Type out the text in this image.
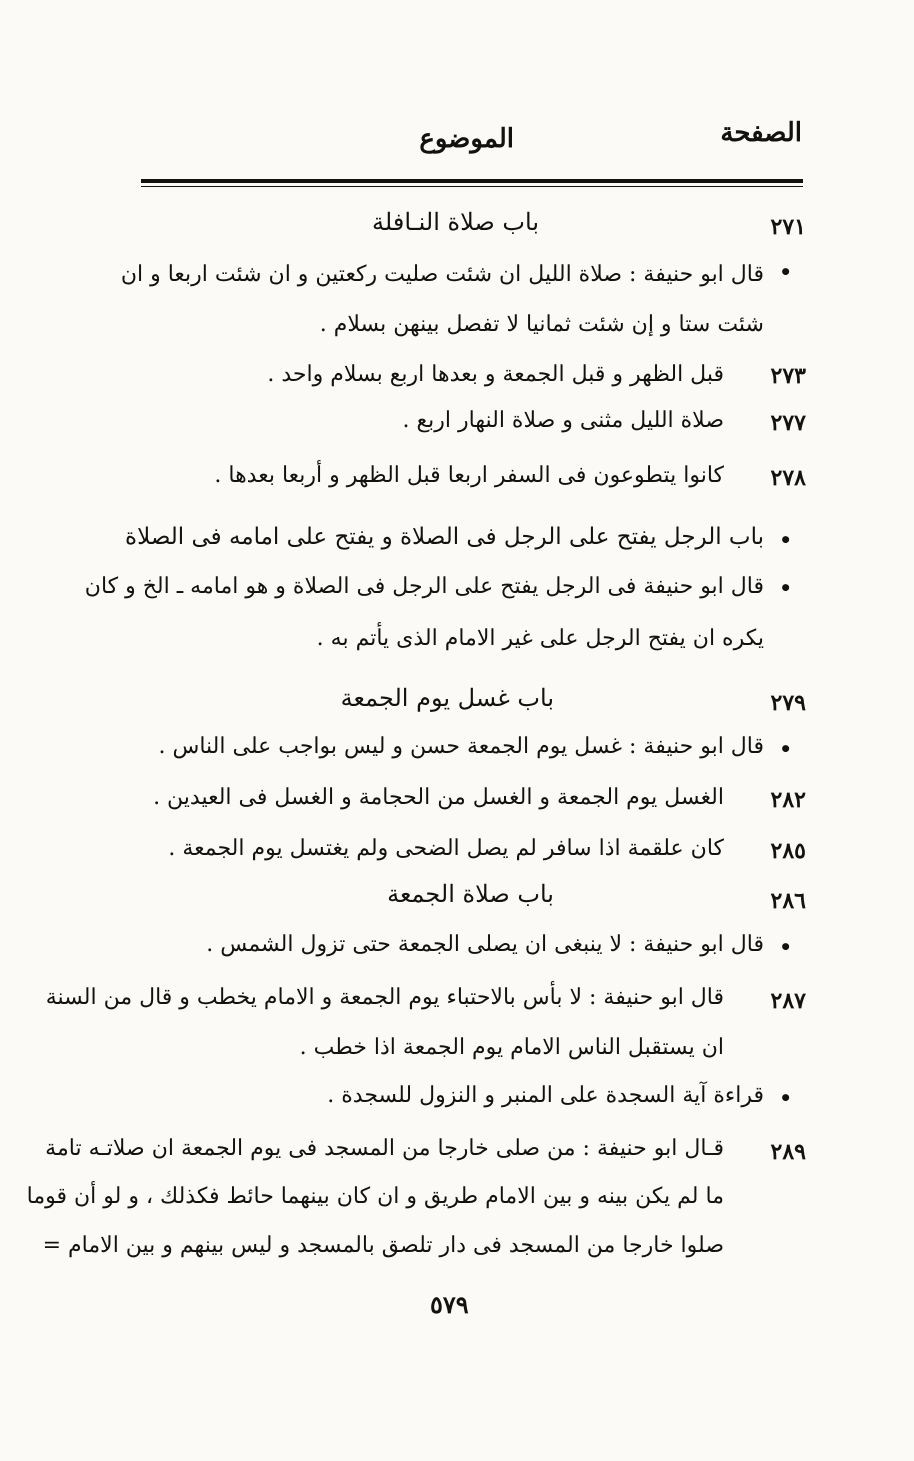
الصفحة
الموضوع
٢٧١
باب صلاة النـافلة
•
قال ابو حنيفة : صلاة الليل ان شئت صليت ركعتين و ان شئت اربعا و ان
شئت ستا و إن شئت ثمانيا لا تفصل بينهن بسلام .
٢٧٣
قبل الظهر و قبل الجمعة و بعدها اربع بسلام واحد .
٢٧٧
صلاة الليل مثنى و صلاة النهار اربع .
٢٧٨
كانوا يتطوعون فى السفر اربعا قبل الظهر و أربعا بعدها .
•
باب الرجل يفتح على الرجل فى الصلاة و يفتح على امامه فى الصلاة
•
قال ابو حنيفة فى الرجل يفتح على الرجل فى الصلاة و هو امامه ـ الخ و كان
يكره ان يفتح الرجل على غير الامام الذى يأتم به .
٢٧٩
باب غسل يوم الجمعة
•
قال ابو حنيفة : غسل يوم الجمعة حسن و ليس بواجب على الناس .
٢٨٢
الغسل يوم الجمعة و الغسل من الحجامة و الغسل فى العيدين .
٢٨٥
كان علقمة اذا سافر لم يصل الضحى ولم يغتسل يوم الجمعة .
٢٨٦
باب صلاة الجمعة
•
قال ابو حنيفة : لا ينبغى ان يصلى الجمعة حتى تزول الشمس .
٢٨٧
قال ابو حنيفة : لا بأس بالاحتباء يوم الجمعة و الامام يخطب و قال من السنة
ان يستقبل الناس الامام يوم الجمعة اذا خطب .
•
قراءة آية السجدة على المنبر و النزول للسجدة .
٢٨٩
قـال ابو حنيفة : من صلى خارجا من المسجد فى يوم الجمعة ان صلاتـه تامة
ما لم يكن بينه و بين الامام طريق و ان كان بينهما حائط فكذلك ، و لو أن قوما
صلوا خارجا من المسجد فى دار تلصق بالمسجد و ليس بينهم و بين الامام =
٥٧٩
